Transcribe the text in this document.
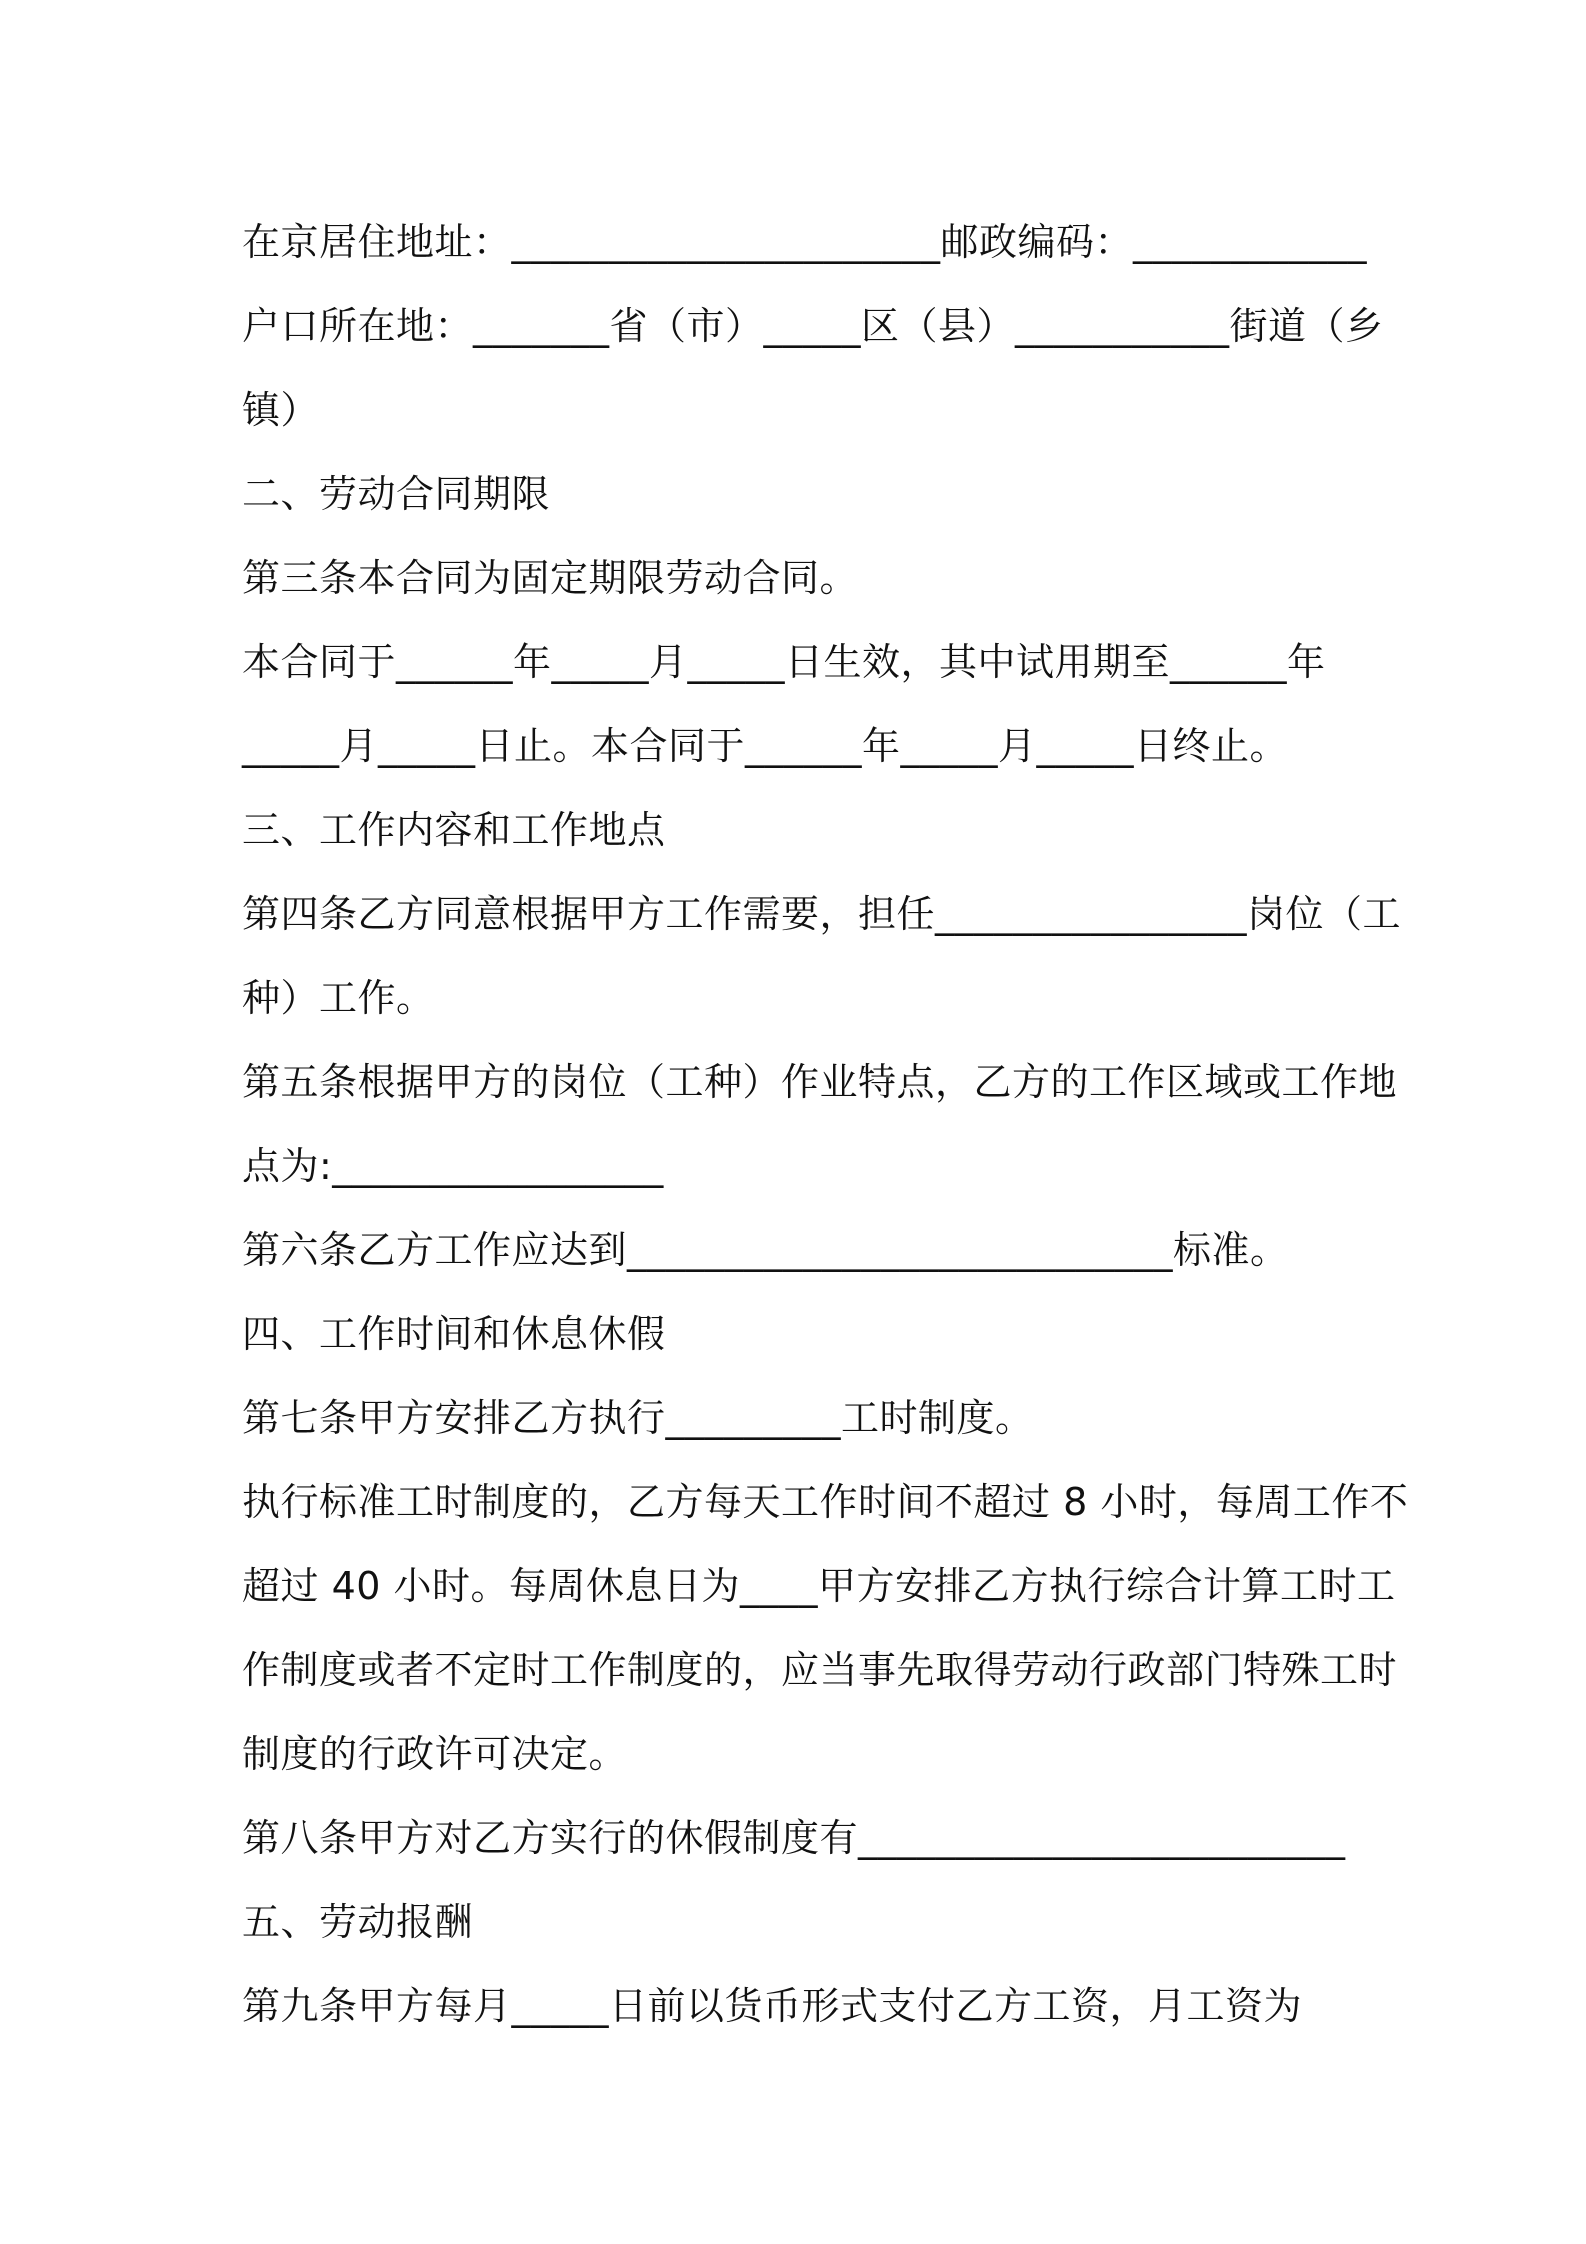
在京居住地址：______________________邮政编码：____________
户口所在地：_______省（市）_____区（县）___________街道（乡
镇）
二、劳动合同期限
第三条本合同为固定期限劳动合同。
本合同于______年_____月_____日生效，其中试用期至______年
_____月_____日止。本合同于______年_____月_____日终止。
三、工作内容和工作地点
第四条乙方同意根据甲方工作需要，担任________________岗位（工
种）工作。
第五条根据甲方的岗位（工种）作业特点，乙方的工作区域或工作地
点为:_________________
第六条乙方工作应达到____________________________标准。
四、工作时间和休息休假
第七条甲方安排乙方执行_________工时制度。
执行标准工时制度的，乙方每天工作时间不超过 8 小时，每周工作不
超过 40 小时。每周休息日为____甲方安排乙方执行综合计算工时工
作制度或者不定时工作制度的，应当事先取得劳动行政部门特殊工时
制度的行政许可决定。
第八条甲方对乙方实行的休假制度有_________________________
五、劳动报酬
第九条甲方每月_____日前以货币形式支付乙方工资，月工资为
